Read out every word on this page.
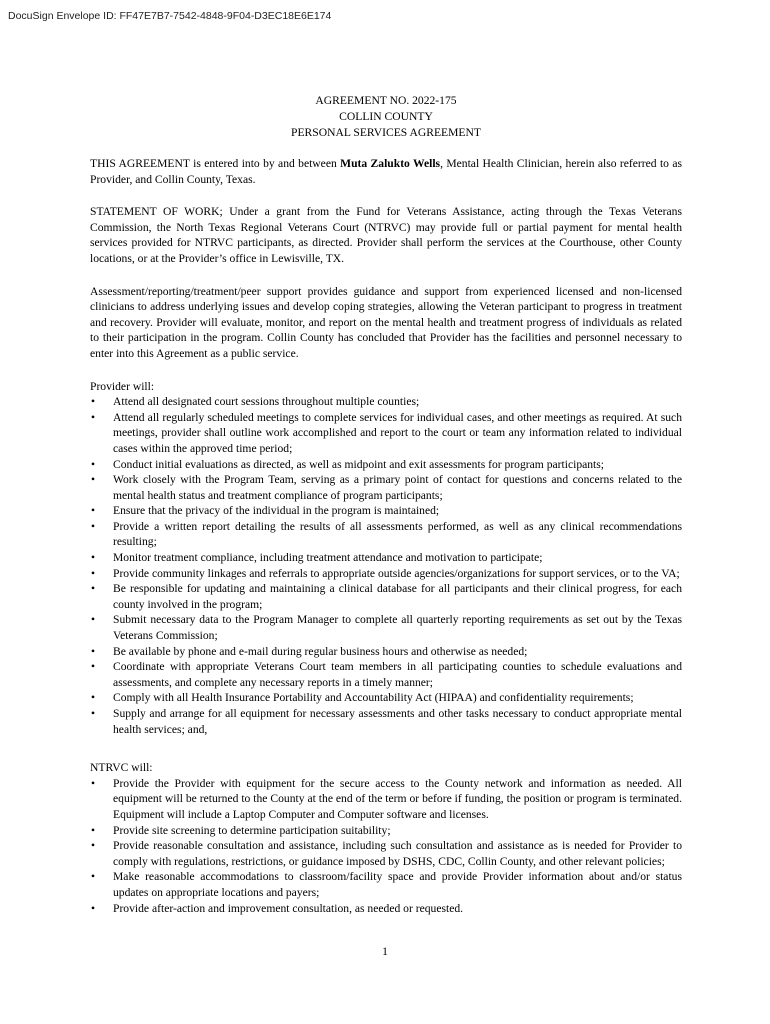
DocuSign Envelope ID: FF47E7B7-7542-4848-9F04-D3EC18E6E174
AGREEMENT NO. 2022-175
COLLIN COUNTY
PERSONAL SERVICES AGREEMENT

THIS AGREEMENT is entered into by and between Muta Zalukto Wells, Mental Health Clinician, herein also referred to as Provider, and Collin County, Texas.

STATEMENT OF WORK; Under a grant from the Fund for Veterans Assistance, acting through the Texas Veterans Commission, the North Texas Regional Veterans Court (NTRVC) may provide full or partial payment for mental health services provided for NTRVC participants, as directed. Provider shall perform the services at the Courthouse, other County locations, or at the Provider’s office in Lewisville, TX.

Assessment/reporting/treatment/peer support provides guidance and support from experienced licensed and non-licensed clinicians to address underlying issues and develop coping strategies, allowing the Veteran participant to progress in treatment and recovery. Provider will evaluate, monitor, and report on the mental health and treatment progress of individuals as related to their participation in the program. Collin County has concluded that Provider has the facilities and personnel necessary to enter into this Agreement as a public service.

Provider will:

• Attend all designated court sessions throughout multiple counties;
• Attend all regularly scheduled meetings to complete services for individual cases, and other meetings as required. At such meetings, provider shall outline work accomplished and report to the court or team any information related to individual cases within the approved time period;
• Conduct initial evaluations as directed, as well as midpoint and exit assessments for program participants;
• Work closely with the Program Team, serving as a primary point of contact for questions and concerns related to the mental health status and treatment compliance of program participants;
• Ensure that the privacy of the individual in the program is maintained;
• Provide a written report detailing the results of all assessments performed, as well as any clinical recommendations resulting;
• Monitor treatment compliance, including treatment attendance and motivation to participate;
• Provide community linkages and referrals to appropriate outside agencies/organizations for support services, or to the VA;
• Be responsible for updating and maintaining a clinical database for all participants and their clinical progress, for each county involved in the program;
• Submit necessary data to the Program Manager to complete all quarterly reporting requirements as set out by the Texas Veterans Commission;
• Be available by phone and e-mail during regular business hours and otherwise as needed;
• Coordinate with appropriate Veterans Court team members in all participating counties to schedule evaluations and assessments, and complete any necessary reports in a timely manner;
• Comply with all Health Insurance Portability and Accountability Act (HIPAA) and confidentiality requirements;
• Supply and arrange for all equipment for necessary assessments and other tasks necessary to conduct appropriate mental health services; and,

NTRVC will:

• Provide the Provider with equipment for the secure access to the County network and information as needed. All equipment will be returned to the County at the end of the term or before if funding, the position or program is terminated. Equipment will include a Laptop Computer and Computer software and licenses.
• Provide site screening to determine participation suitability;
• Provide reasonable consultation and assistance, including such consultation and assistance as is needed for Provider to comply with regulations, restrictions, or guidance imposed by DSHS, CDC, Collin County, and other relevant policies;
• Make reasonable accommodations to classroom/facility space and provide Provider information about and/or status updates on appropriate locations and payers;
• Provide after-action and improvement consultation, as needed or requested.
1
